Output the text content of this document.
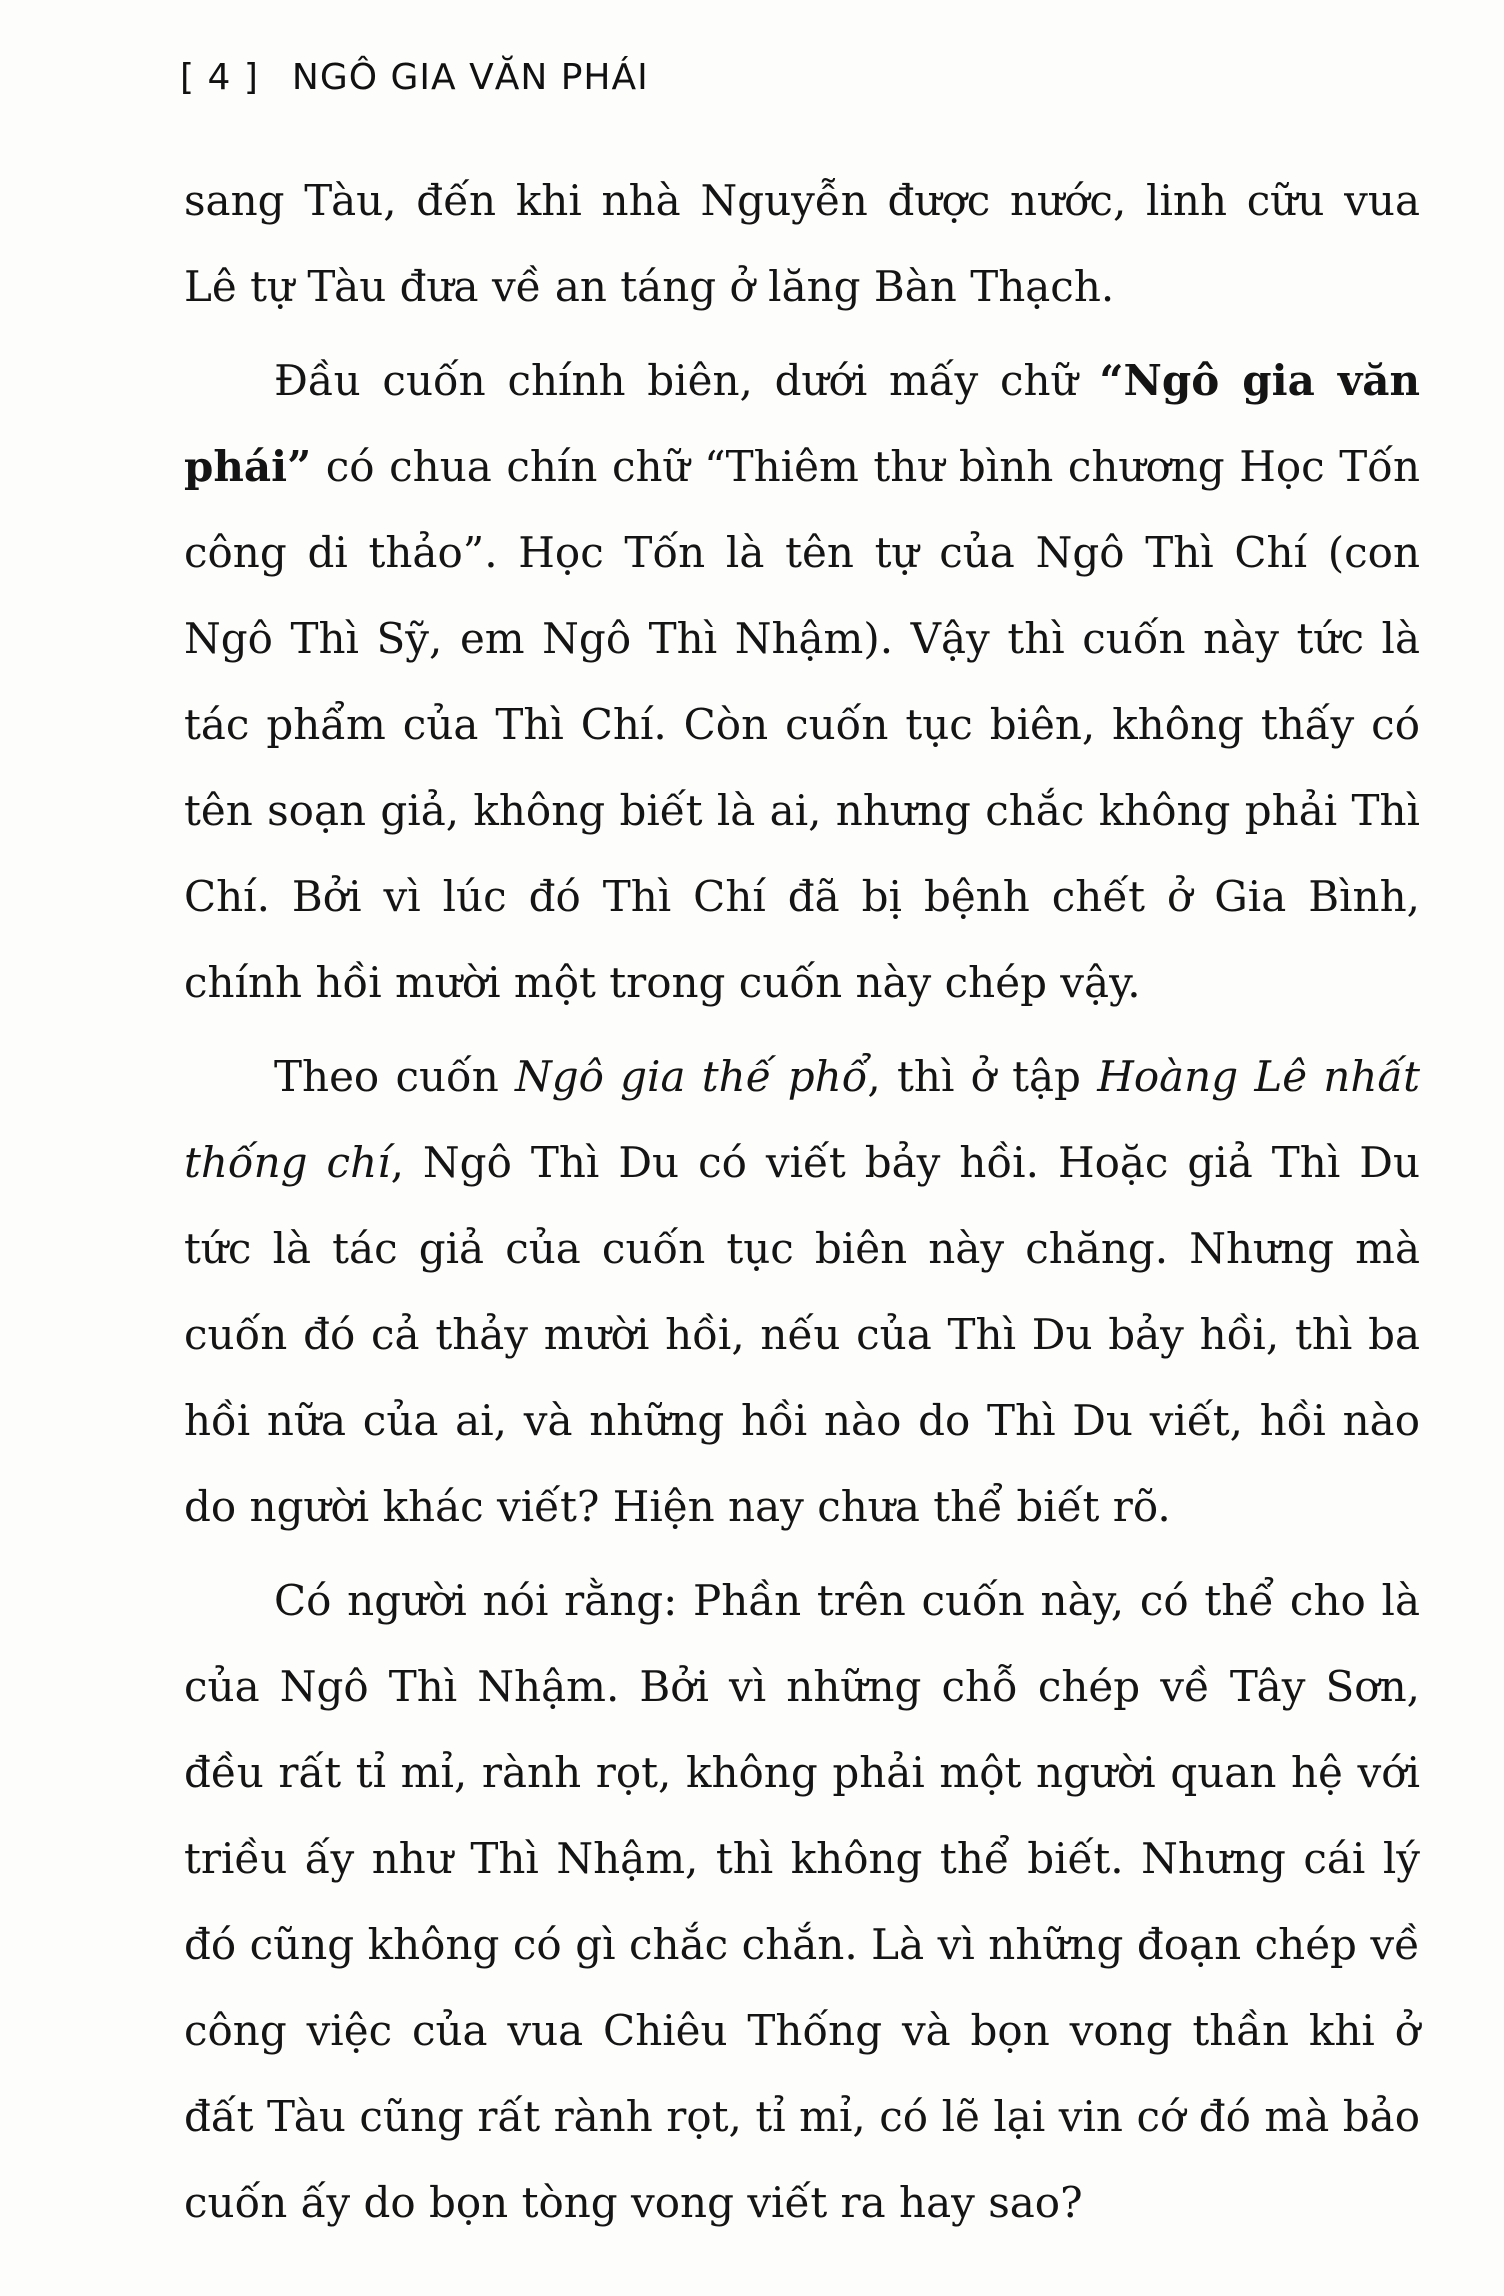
[ 4 ] NGÔ GIA VĂN PHÁI

sang Tàu, đến khi nhà Nguyễn được nước, linh cữu vua Lê tự Tàu đưa về an táng ở lăng Bàn Thạch.

Đầu cuốn chính biên, dưới mấy chữ “Ngô gia văn phái” có chua chín chữ “Thiêm thư bình chương Học Tốn công di thảo”. Học Tốn là tên tự của Ngô Thì Chí (con Ngô Thì Sỹ, em Ngô Thì Nhậm). Vậy thì cuốn này tức là tác phẩm của Thì Chí. Còn cuốn tục biên, không thấy có tên soạn giả, không biết là ai, nhưng chắc không phải Thì Chí. Bởi vì lúc đó Thì Chí đã bị bệnh chết ở Gia Bình, chính hồi mười một trong cuốn này chép vậy.

Theo cuốn Ngô gia thế phổ, thì ở tập Hoàng Lê nhất thống chí, Ngô Thì Du có viết bảy hồi. Hoặc giả Thì Du tức là tác giả của cuốn tục biên này chăng. Nhưng mà cuốn đó cả thảy mười hồi, nếu của Thì Du bảy hồi, thì ba hồi nữa của ai, và những hồi nào do Thì Du viết, hồi nào do người khác viết? Hiện nay chưa thể biết rõ.

Có người nói rằng: Phần trên cuốn này, có thể cho là của Ngô Thì Nhậm. Bởi vì những chỗ chép về Tây Sơn, đều rất tỉ mỉ, rành rọt, không phải một người quan hệ với triều ấy như Thì Nhậm, thì không thể biết. Nhưng cái lý đó cũng không có gì chắc chắn. Là vì những đoạn chép về công việc của vua Chiêu Thống và bọn vong thần khi ở đất Tàu cũng rất rành rọt, tỉ mỉ, có lẽ lại vin cớ đó mà bảo cuốn ấy do bọn tòng vong viết ra hay sao?
